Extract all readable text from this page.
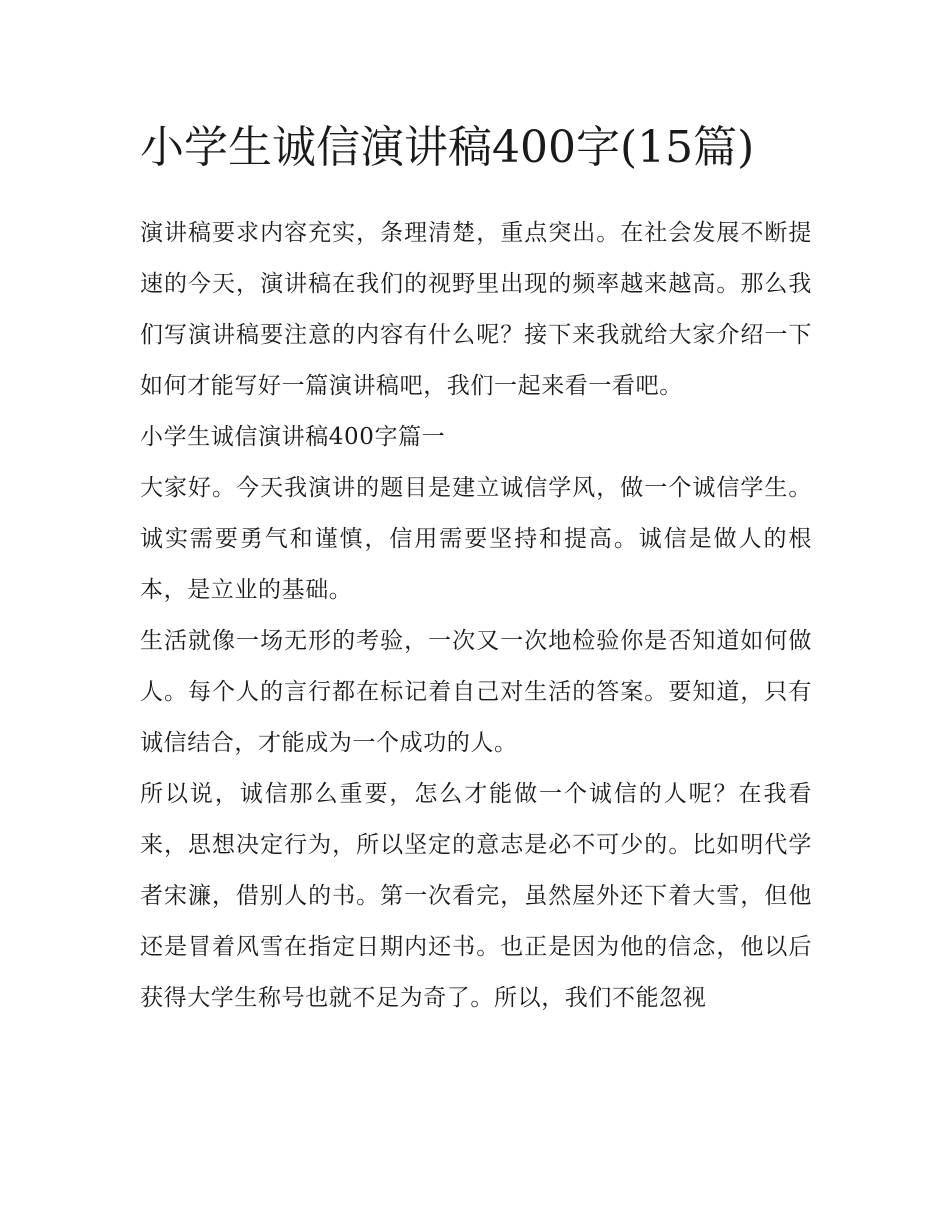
小学生诚信演讲稿400字(15篇)

演讲稿要求内容充实，条理清楚，重点突出。在社会发展不断提速的今天，演讲稿在我们的视野里出现的频率越来越高。那么我们写演讲稿要注意的内容有什么呢？接下来我就给大家介绍一下如何才能写好一篇演讲稿吧，我们一起来看一看吧。

小学生诚信演讲稿400字篇一

大家好。今天我演讲的题目是建立诚信学风，做一个诚信学生。诚实需要勇气和谨慎，信用需要坚持和提高。诚信是做人的根本，是立业的基础。

生活就像一场无形的考验，一次又一次地检验你是否知道如何做人。每个人的言行都在标记着自己对生活的答案。要知道，只有诚信结合，才能成为一个成功的人。

所以说，诚信那么重要，怎么才能做一个诚信的人呢？在我看来，思想决定行为，所以坚定的意志是必不可少的。比如明代学者宋濂，借别人的书。第一次看完，虽然屋外还下着大雪，但他还是冒着风雪在指定日期内还书。也正是因为他的信念，他以后获得大学生称号也就不足为奇了。所以，我们不能忽视
